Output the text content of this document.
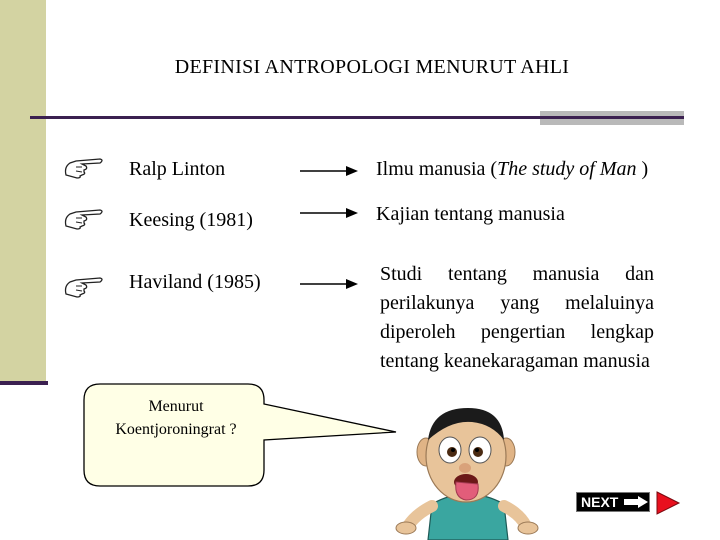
DEFINISI ANTROPOLOGI MENURUT AHLI
Ralp Linton	Ilmu manusia (The study of Man )
Keesing (1981)	Kajian tentang manusia
Haviland (1985)	Studi tentang manusia dan perilakunya yang melaluinya diperoleh pengertian lengkap tentang keanekaragaman manusia
Menurut
Koentjoroningrat ?
NEXT
